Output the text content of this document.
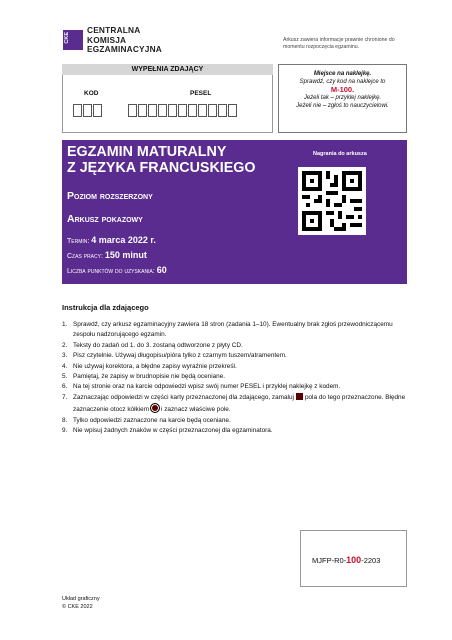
CKE
CENTRALNA
KOMISJA
EGZAMINACYJNA
Arkusz zawiera informacje prawnie chronione do momentu rozpoczęcia egzaminu.
WYPEŁNIA ZDAJĄCY
KOD	PESEL
Miejsce na naklejkę.
Sprawdź, czy kod na naklejce to
M-100.
Jeżeli tak – przyklej naklejkę.
Jeżeli nie – zgłoś to nauczycielowi.
EGZAMIN MATURALNY
Z JĘZYKA FRANCUSKIEGO
Poziom rozszerzony
Arkusz pokazowy
Termin: 4 marca 2022 r.
Czas pracy: 150 minut
Liczba punktów do uzyskania: 60
Nagrania do arkusza
Instrukcja dla zdającego
1. Sprawdź, czy arkusz egzaminacyjny zawiera 18 stron (zadania 1–10). Ewentualny brak zgłoś przewodniczącemu zespołu nadzorującego egzamin.
2. Teksty do zadań od 1. do 3. zostaną odtworzone z płyty CD.
3. Pisz czytelnie. Używaj długopisu/pióra tylko z czarnym tuszem/atramentem.
4. Nie używaj korektora, a błędne zapisy wyraźnie przekreśl.
5. Pamiętaj, że zapisy w brudnopisie nie będą oceniane.
6. Na tej stronie oraz na karcie odpowiedzi wpisz swój numer PESEL i przyklej naklejkę z kodem.
7. Zaznaczając odpowiedzi w części karty przeznaczonej dla zdającego, zamaluj pola do tego przeznaczone. Błędne zaznaczenie otocz kółkiem i zaznacz właściwe pole.
8. Tylko odpowiedzi zaznaczone na karcie będą oceniane.
9. Nie wpisuj żadnych znaków w części przeznaczonej dla egzaminatora.
MJFP-R0-100-2203
Układ graficzny
© CKE 2022
